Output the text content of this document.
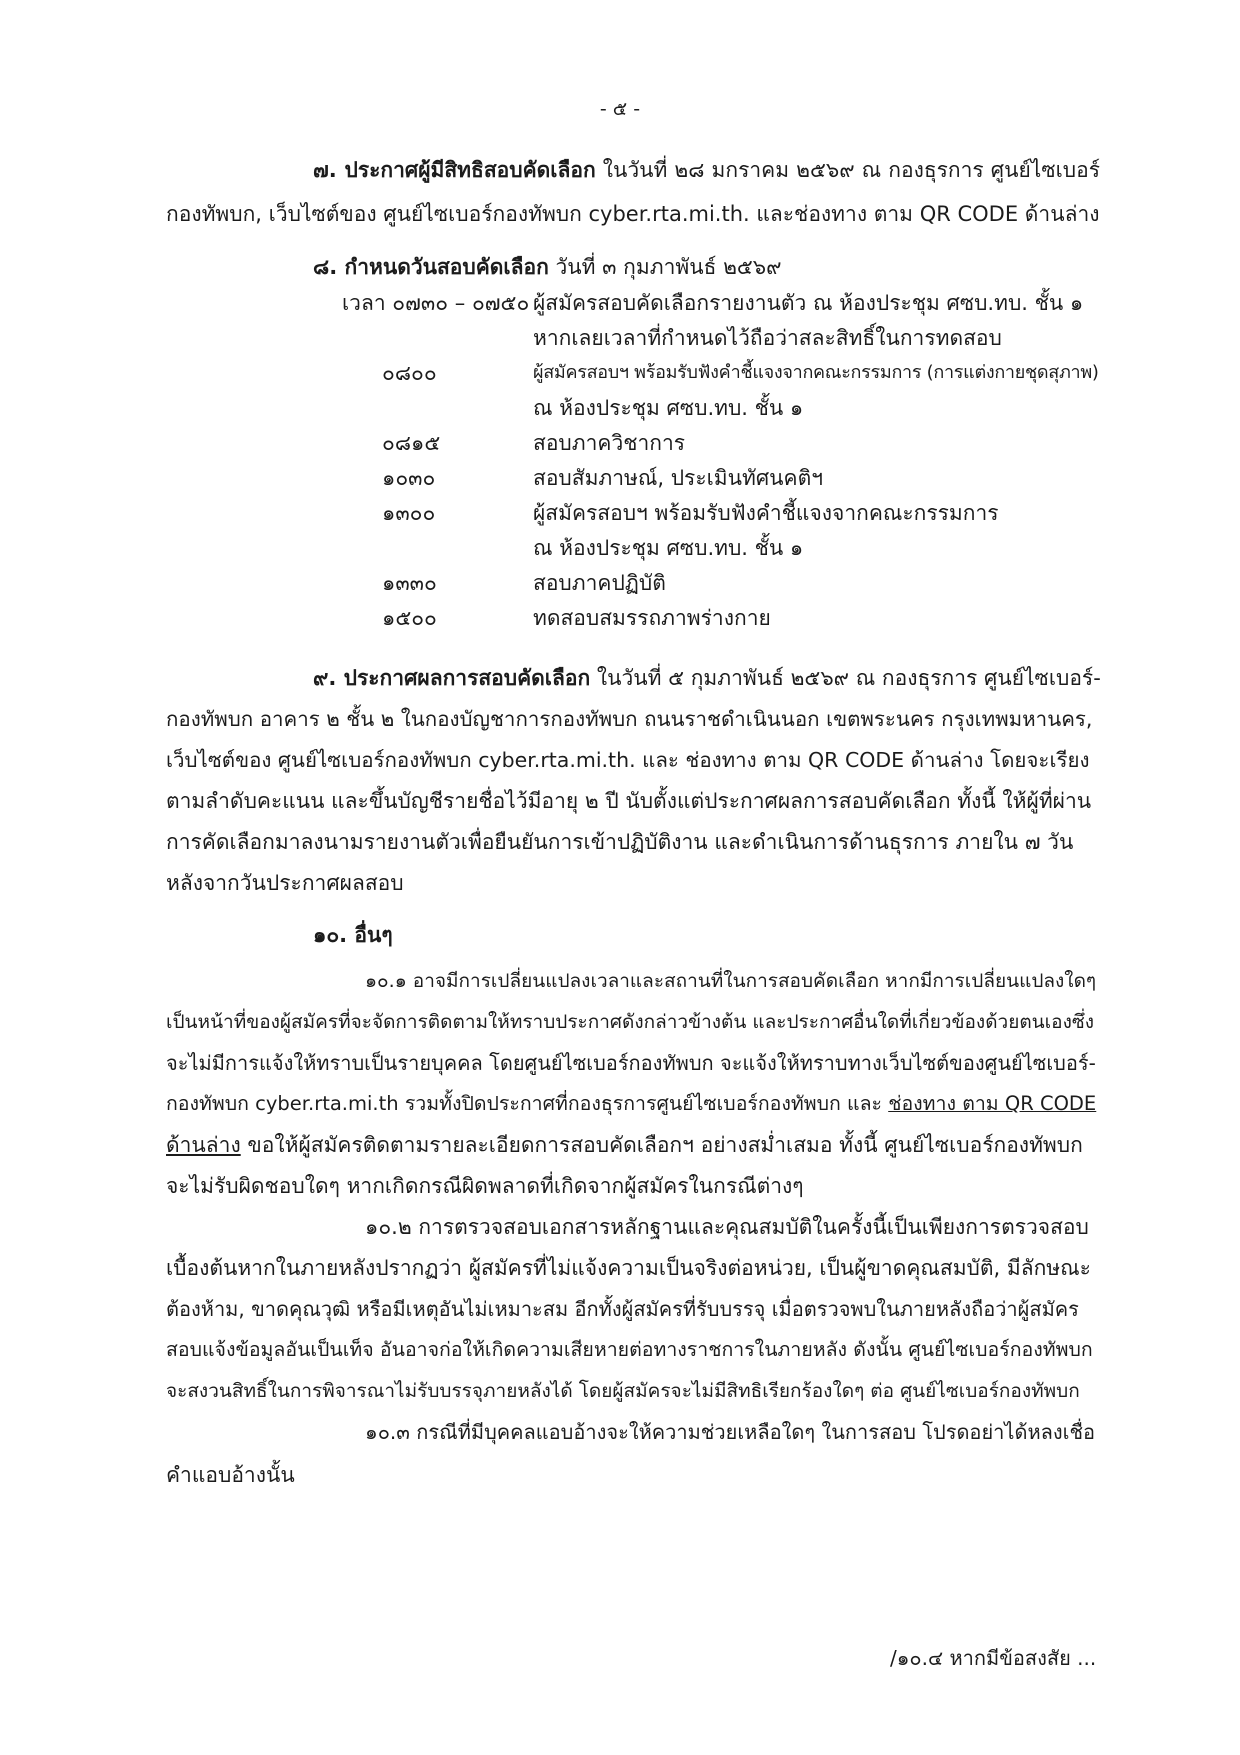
- ๕ -
๗. ประกาศผู้มีสิทธิสอบคัดเลือก ในวันที่ ๒๘ มกราคม ๒๕๖๙ ณ กองธุรการ ศูนย์ไซเบอร์
กองทัพบก, เว็บไซต์ของ ศูนย์ไซเบอร์กองทัพบก cyber.rta.mi.th. และช่องทาง ตาม QR CODE ด้านล่าง
๘. กำหนดวันสอบคัดเลือก วันที่ ๓ กุมภาพันธ์ ๒๕๖๙
เวลา ๐๗๓๐ – ๐๗๕๐ ผู้สมัครสอบคัดเลือกรายงานตัว ณ ห้องประชุม ศซบ.ทบ. ชั้น ๑
หากเลยเวลาที่กำหนดไว้ถือว่าสละสิทธิ์ในการทดสอบ
๐๘๐๐	ผู้สมัครสอบฯ พร้อมรับฟังคำชี้แจงจากคณะกรรมการ (การแต่งกายชุดสุภาพ)
ณ ห้องประชุม ศซบ.ทบ. ชั้น ๑
๐๘๑๕	สอบภาควิชาการ
๑๐๓๐	สอบสัมภาษณ์, ประเมินทัศนคติฯ
๑๓๐๐	ผู้สมัครสอบฯ พร้อมรับฟังคำชี้แจงจากคณะกรรมการ
ณ ห้องประชุม ศซบ.ทบ. ชั้น ๑
๑๓๓๐	สอบภาคปฏิบัติ
๑๕๐๐	ทดสอบสมรรถภาพร่างกาย
๙. ประกาศผลการสอบคัดเลือก ในวันที่ ๕ กุมภาพันธ์ ๒๕๖๙ ณ กองธุรการ ศูนย์ไซเบอร์-
กองทัพบก อาคาร ๒ ชั้น ๒ ในกองบัญชาการกองทัพบก ถนนราชดำเนินนอก เขตพระนคร กรุงเทพมหานคร,
เว็บไซต์ของ ศูนย์ไซเบอร์กองทัพบก cyber.rta.mi.th. และ ช่องทาง ตาม QR CODE ด้านล่าง โดยจะเรียง
ตามลำดับคะแนน และขึ้นบัญชีรายชื่อไว้มีอายุ ๒ ปี นับตั้งแต่ประกาศผลการสอบคัดเลือก ทั้งนี้ ให้ผู้ที่ผ่าน
การคัดเลือกมาลงนามรายงานตัวเพื่อยืนยันการเข้าปฏิบัติงาน และดำเนินการด้านธุรการ ภายใน ๗ วัน
หลังจากวันประกาศผลสอบ
๑๐. อื่นๆ
๑๐.๑ อาจมีการเปลี่ยนแปลงเวลาและสถานที่ในการสอบคัดเลือก หากมีการเปลี่ยนแปลงใดๆ
เป็นหน้าที่ของผู้สมัครที่จะจัดการติดตามให้ทราบประกาศดังกล่าวข้างต้น และประกาศอื่นใดที่เกี่ยวข้องด้วยตนเองซึ่ง
จะไม่มีการแจ้งให้ทราบเป็นรายบุคคล โดยศูนย์ไซเบอร์กองทัพบก จะแจ้งให้ทราบทางเว็บไซต์ของศูนย์ไซเบอร์-
กองทัพบก cyber.rta.mi.th รวมทั้งปิดประกาศที่กองธุรการศูนย์ไซเบอร์กองทัพบก และ ช่องทาง ตาม QR CODE
ด้านล่าง ขอให้ผู้สมัครติดตามรายละเอียดการสอบคัดเลือกฯ อย่างสม่ำเสมอ ทั้งนี้ ศูนย์ไซเบอร์กองทัพบก
จะไม่รับผิดชอบใดๆ หากเกิดกรณีผิดพลาดที่เกิดจากผู้สมัครในกรณีต่างๆ
๑๐.๒ การตรวจสอบเอกสารหลักฐานและคุณสมบัติในครั้งนี้เป็นเพียงการตรวจสอบ
เบื้องต้นหากในภายหลังปรากฏว่า ผู้สมัครที่ไม่แจ้งความเป็นจริงต่อหน่วย, เป็นผู้ขาดคุณสมบัติ, มีลักษณะ
ต้องห้าม, ขาดคุณวุฒิ หรือมีเหตุอันไม่เหมาะสม อีกทั้งผู้สมัครที่รับบรรจุ เมื่อตรวจพบในภายหลังถือว่าผู้สมัคร
สอบแจ้งข้อมูลอันเป็นเท็จ อันอาจก่อให้เกิดความเสียหายต่อทางราชการในภายหลัง ดังนั้น ศูนย์ไซเบอร์กองทัพบก
จะสงวนสิทธิ์ในการพิจารณาไม่รับบรรจุภายหลังได้ โดยผู้สมัครจะไม่มีสิทธิเรียกร้องใดๆ ต่อ ศูนย์ไซเบอร์กองทัพบก
๑๐.๓ กรณีที่มีบุคคลแอบอ้างจะให้ความช่วยเหลือใดๆ ในการสอบ โปรดอย่าได้หลงเชื่อ
คำแอบอ้างนั้น
/๑๐.๔ หากมีข้อสงสัย ...
